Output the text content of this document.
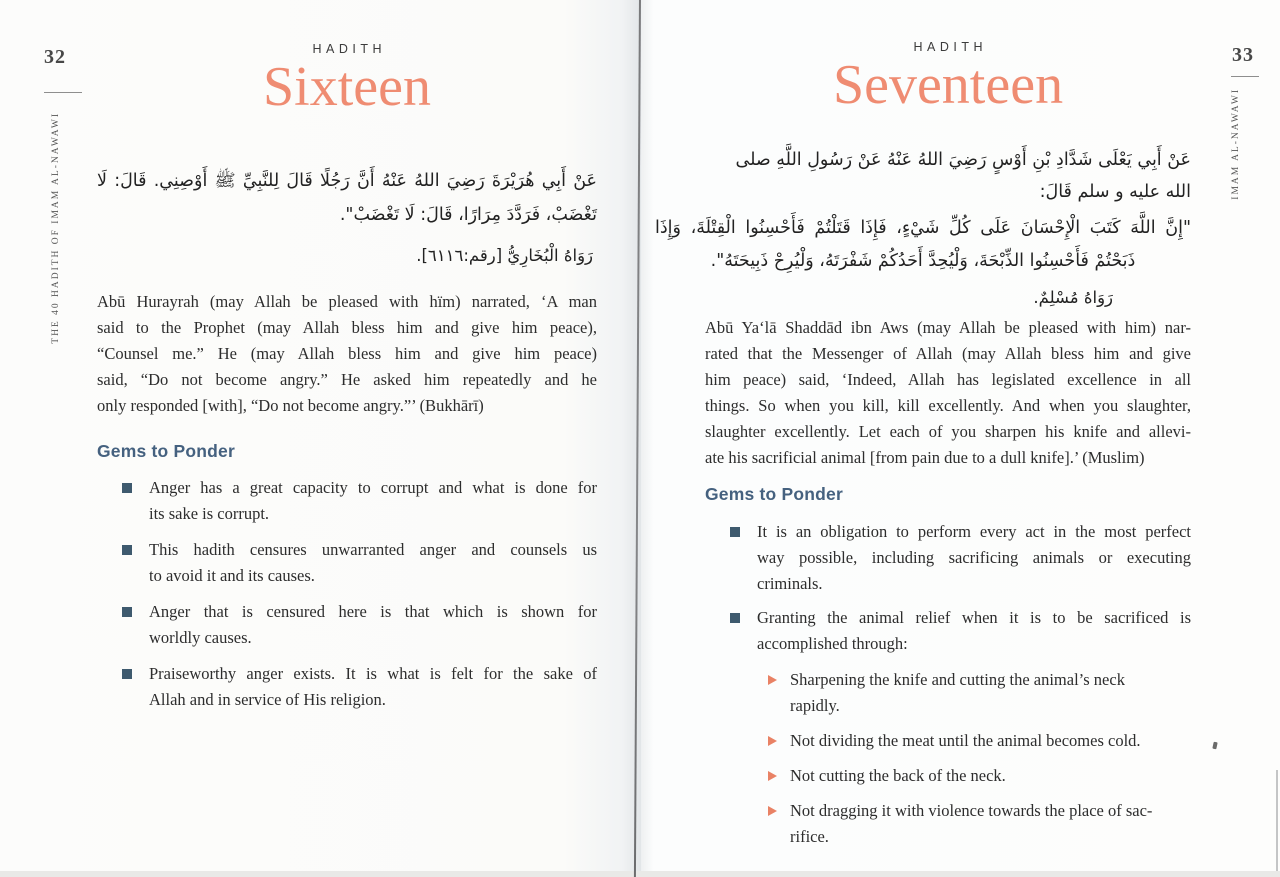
32
THE 40 HADITH OF IMAM AL-NAWAWI
HADITH
Sixteen
عَنْ أَبِي هُرَيْرَةَ رَضِيَ اللهُ عَنْهُ أَنَّ رَجُلًا قَالَ لِلنَّبِيِّ ﷺ أَوْصِنِي. قَالَ: لَا تَغْضَبْ، فَرَدَّدَ مِرَارًا، قَالَ: لَا تَغْضَبْ".
رَوَاهُ الْبُخَارِيُّ [رقم:٦١١٦].
Abū Hurayrah (may Allah be pleased with hïm) narrated, ‘A man
said to the Prophet (may Allah bless him and give him peace),
“Counsel me.” He (may Allah bless him and give him peace)
said, “Do not become angry.” He asked him repeatedly and he
only responded [with], “Do not become angry.”’ (Bukhārī)
Gems to Ponder
Anger has a great capacity to corrupt and what is done for
its sake is corrupt.
This hadith censures unwarranted anger and counsels us
to avoid it and its causes.
Anger that is censured here is that which is shown for
worldly causes.
Praiseworthy anger exists. It is what is felt for the sake of
Allah and in service of His religion.
33
IMAM AL-NAWAWI
HADITH
Seventeen
عَنْ أَبِي يَعْلَى شَدَّادِ بْنِ أَوْسٍ رَضِيَ اللهُ عَنْهُ عَنْ رَسُولِ اللَّهِ صلى الله عليه و سلم قَالَ:
"إِنَّ اللَّهَ كَتَبَ الْإِحْسَانَ عَلَى كُلِّ شَيْءٍ، فَإِذَا قَتَلْتُمْ فَأَحْسِنُوا الْقِتْلَةَ، وَإِذَا ذَبَحْتُمْ فَأَحْسِنُوا الذِّبْحَةَ، وَلْيُحِدَّ أَحَدُكُمْ شَفْرَتَهُ، وَلْيُرِحْ ذَبِيحَتَهُ".
رَوَاهُ مُسْلِمٌ.
Abū Ya‘lā Shaddād ibn Aws (may Allah be pleased with him) nar-
rated that the Messenger of Allah (may Allah bless him and give
him peace) said, ‘Indeed, Allah has legislated excellence in all
things. So when you kill, kill excellently. And when you slaughter,
slaughter excellently. Let each of you sharpen his knife and allevi-
ate his sacrificial animal [from pain due to a dull knife].’ (Muslim)
Gems to Ponder
It is an obligation to perform every act in the most perfect
way possible, including sacrificing animals or executing
criminals.
Granting the animal relief when it is to be sacrificed is
accomplished through:
Sharpening the knife and cutting the animal’s neck
rapidly.
Not dividing the meat until the animal becomes cold.
Not cutting the back of the neck.
Not dragging it with violence towards the place of sac-
rifice.
